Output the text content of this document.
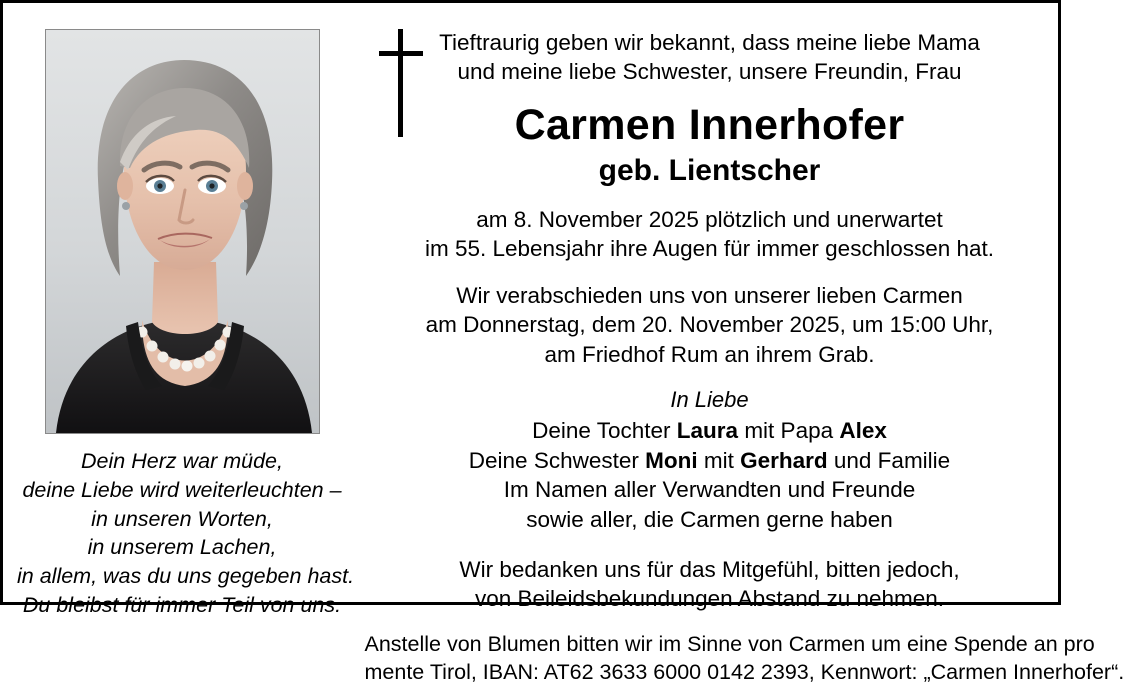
Dein Herz war müde,
deine Liebe wird weiterleuchten –
in unseren Worten,
in unserem Lachen,
in allem, was du uns gegeben hast.
Du bleibst für immer Teil von uns.
Tieftraurig geben wir bekannt, dass meine liebe Mama
und meine liebe Schwester, unsere Freundin, Frau
Carmen Innerhofer
geb. Lientscher
am 8. November 2025 plötzlich und unerwartet
im 55. Lebensjahr ihre Augen für immer geschlossen hat.
Wir verabschieden uns von unserer lieben Carmen
am Donnerstag, dem 20. November 2025, um 15:00 Uhr,
am Friedhof Rum an ihrem Grab.
In Liebe
Deine Tochter Laura mit Papa Alex
Deine Schwester Moni mit Gerhard und Familie
Im Namen aller Verwandten und Freunde
sowie aller, die Carmen gerne haben
Wir bedanken uns für das Mitgefühl, bitten jedoch,
von Beileidsbekundungen Abstand zu nehmen.
Anstelle von Blumen bitten wir im Sinne von Carmen um eine Spende an pro
mente Tirol, IBAN: AT62 3633 6000 0142 2393, Kennwort: „Carmen Innerhofer“.
